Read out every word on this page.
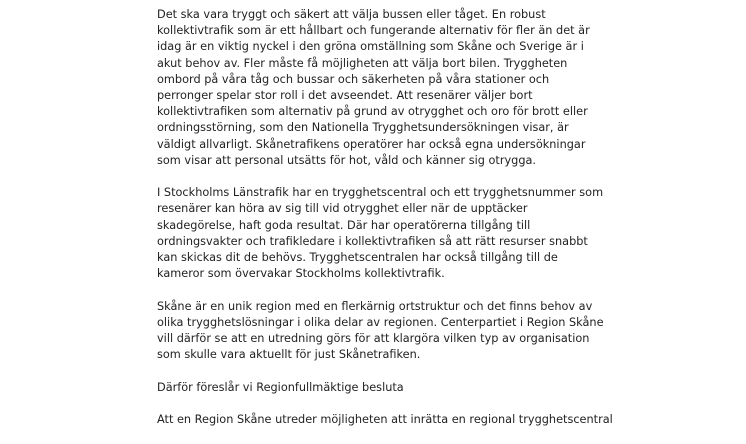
Det ska vara tryggt och säkert att välja bussen eller tåget. En robust
kollektivtrafik som är ett hållbart och fungerande alternativ för fler än det är
idag är en viktig nyckel i den gröna omställning som Skåne och Sverige är i
akut behov av. Fler måste få möjligheten att välja bort bilen. Tryggheten
ombord på våra tåg och bussar och säkerheten på våra stationer och
perronger spelar stor roll i det avseendet. Att resenärer väljer bort
kollektivtrafiken som alternativ på grund av otrygghet och oro för brott eller
ordningsstörning, som den Nationella Trygghetsundersökningen visar, är
väldigt allvarligt. Skånetrafikens operatörer har också egna undersökningar
som visar att personal utsätts för hot, våld och känner sig otrygga.

I Stockholms Länstrafik har en trygghetscentral och ett trygghetsnummer som
resenärer kan höra av sig till vid otrygghet eller när de upptäcker
skadegörelse, haft goda resultat. Där har operatörerna tillgång till
ordningsvakter och trafikledare i kollektivtrafiken så att rätt resurser snabbt
kan skickas dit de behövs. Trygghetscentralen har också tillgång till de
kameror som övervakar Stockholms kollektivtrafik.

Skåne är en unik region med en flerkärnig ortstruktur och det finns behov av
olika trygghetslösningar i olika delar av regionen. Centerpartiet i Region Skåne
vill därför se att en utredning görs för att klargöra vilken typ av organisation
som skulle vara aktuellt för just Skånetrafiken.

Därför föreslår vi Regionfullmäktige besluta

Att en Region Skåne utreder möjligheten att inrätta en regional trygghetscentral
